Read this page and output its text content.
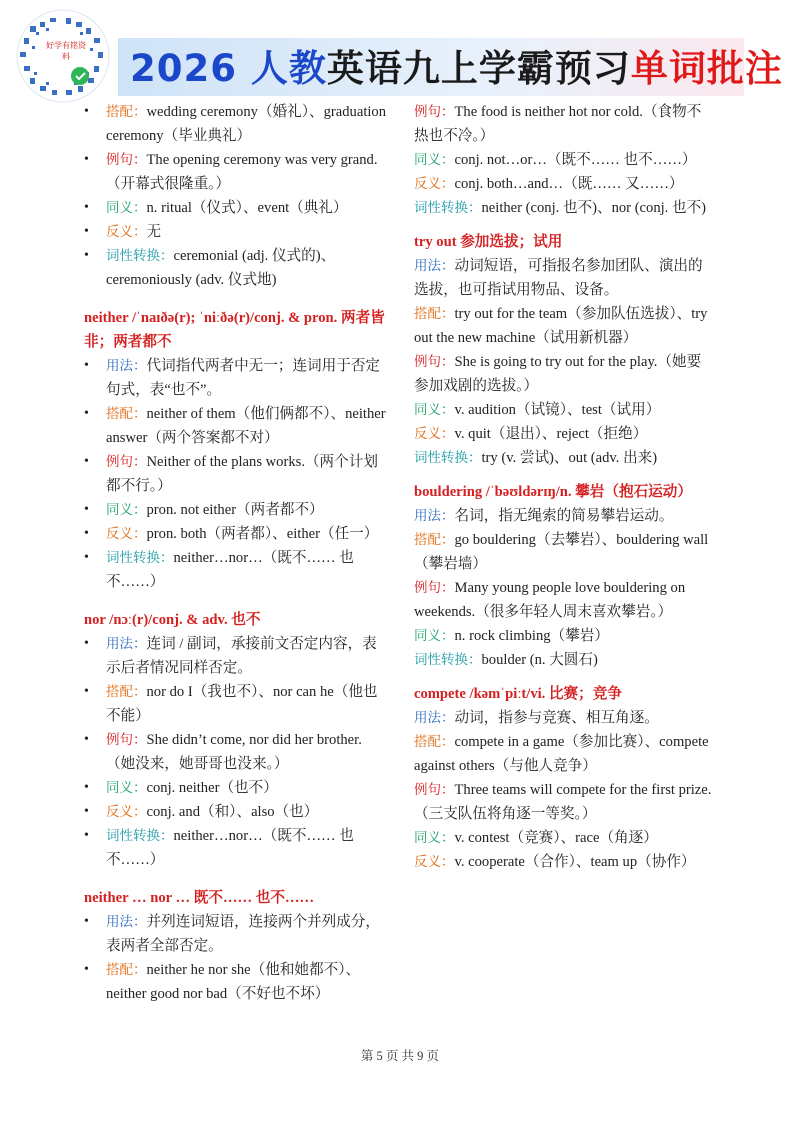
好学有铭资料	2026 人教英语九上学霸预习单词批注
• 搭配：wedding ceremony（婚礼）、graduation ceremony（毕业典礼）
• 例句：The opening ceremony was very grand.（开幕式很隆重。）
• 同义：n. ritual（仪式）、event（典礼）
• 反义：无
• 词性转换：ceremonial (adj. 仪式的)、ceremoniously (adv. 仪式地)

neither /ˈnaɪðə(r); ˈniːðə(r)/conj. & pron. 两者皆非；两者都不

• 用法：代词指代两者中无一；连词用于否定句式，表“也不”。
• 搭配：neither of them（他们俩都不）、neither answer（两个答案都不对）
• 例句：Neither of the plans works.（两个计划都不行。）
• 同义：pron. not either（两者都不）
• 反义：pron. both（两者都）、either（任一）
• 词性转换：neither…nor…（既不…… 也不……）

nor /nɔː(r)/conj. & adv. 也不

• 用法：连词 / 副词，承接前文否定内容，表示后者情况同样否定。
• 搭配：nor do I（我也不）、nor can he（他也不能）
• 例句：She didn’t come, nor did her brother.（她没来，她哥哥也没来。）
• 同义：conj. neither（也不）
• 反义：conj. and（和）、also（也）
• 词性转换：neither…nor…（既不…… 也不……）

neither … nor … 既不…… 也不……

• 用法：并列连词短语，连接两个并列成分，表两者全部否定。
• 搭配：neither he nor she（他和她都不）、neither good nor bad（不好也不坏）

例句：The food is neither hot nor cold.（食物不热也不冷。）

同义：conj. not…or…（既不…… 也不……）

反义：conj. both…and…（既…… 又……）

词性转换：neither (conj. 也不)、nor (conj. 也不)

try out 参加选拔；试用

用法：动词短语，可指报名参加团队、演出的选拔，也可指试用物品、设备。

搭配：try out for the team（参加队伍选拔）、try out the new machine（试用新机器）

例句：She is going to try out for the play.（她要参加戏剧的选拔。）

同义：v. audition（试镜）、test（试用）

反义：v. quit（退出）、reject（拒绝）

词性转换：try (v. 尝试)、out (adv. 出来)

bouldering /ˈbəʊldərɪŋ/n. 攀岩（抱石运动）

用法：名词，指无绳索的简易攀岩运动。

搭配：go bouldering（去攀岩）、bouldering wall（攀岩墙）

例句：Many young people love bouldering on weekends.（很多年轻人周末喜欢攀岩。）

同义：n. rock climbing（攀岩）

词性转换：boulder (n. 大圆石)

compete /kəmˈpiːt/vi. 比赛；竞争

用法：动词，指参与竞赛、相互角逐。

搭配：compete in a game（参加比赛）、compete against others（与他人竞争）

例句：Three teams will compete for the first prize.（三支队伍将角逐一等奖。）

同义：v. contest（竞赛）、race（角逐）

反义：v. cooperate（合作）、team up（协作）

第 5 页 共 9 页
